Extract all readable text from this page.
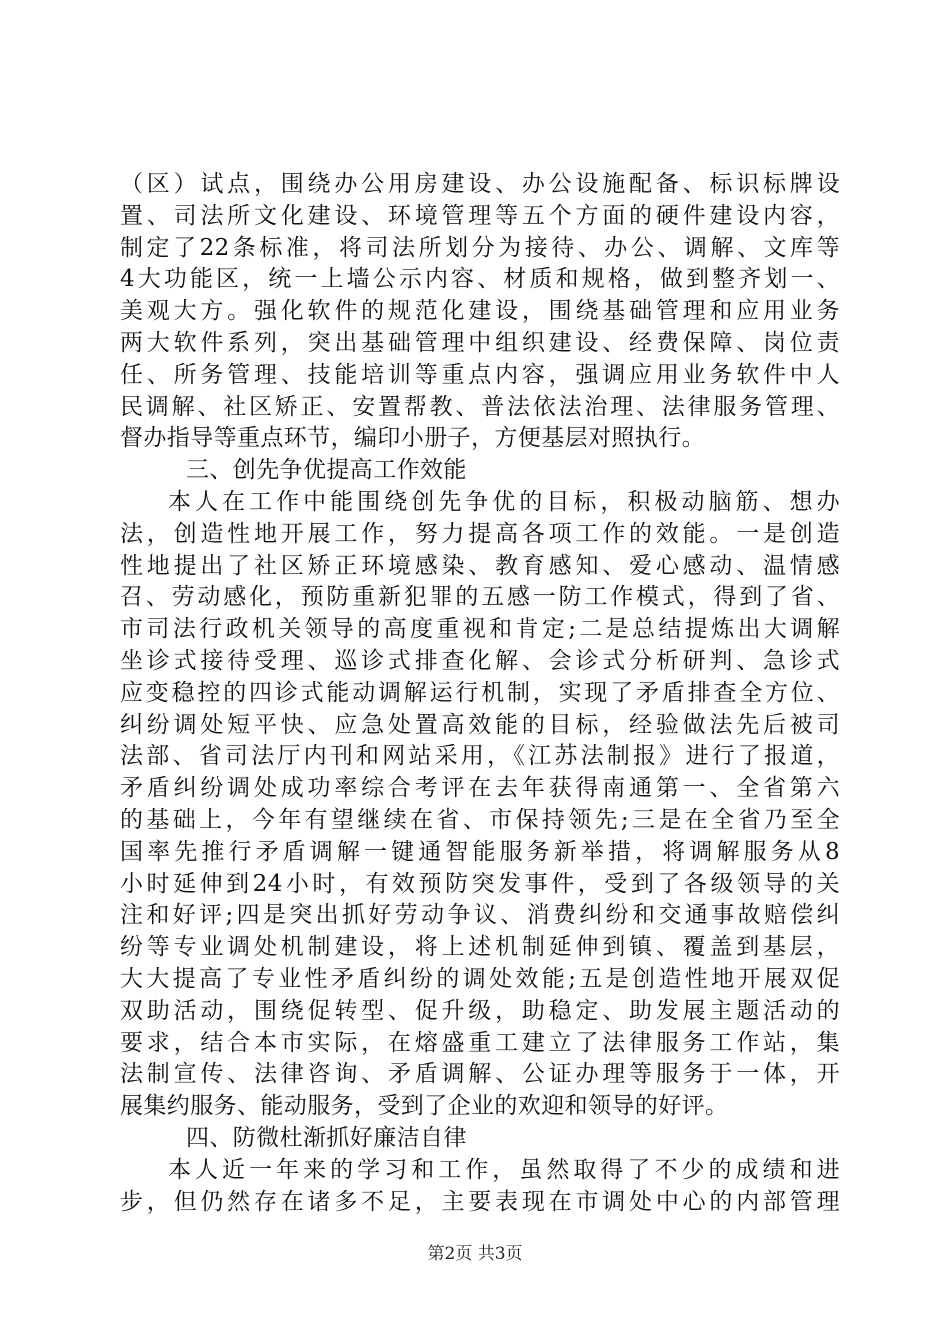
（区）试点，围绕办公用房建设、办公设施配备、标识标牌设
置、司法所文化建设、环境管理等五个方面的硬件建设内容，
制定了22条标准，将司法所划分为接待、办公、调解、文库等
4大功能区，统一上墙公示内容、材质和规格，做到整齐划一、
美观大方。强化软件的规范化建设，围绕基础管理和应用业务
两大软件系列，突出基础管理中组织建设、经费保障、岗位责
任、所务管理、技能培训等重点内容，强调应用业务软件中人
民调解、社区矫正、安置帮教、普法依法治理、法律服务管理、
督办指导等重点环节，编印小册子，方便基层对照执行。
三、创先争优提高工作效能
本人在工作中能围绕创先争优的目标，积极动脑筋、想办
法，创造性地开展工作，努力提高各项工作的效能。一是创造
性地提出了社区矫正环境感染、教育感知、爱心感动、温情感
召、劳动感化，预防重新犯罪的五感一防工作模式，得到了省、
市司法行政机关领导的高度重视和肯定;二是总结提炼出大调解
坐诊式接待受理、巡诊式排查化解、会诊式分析研判、急诊式
应变稳控的四诊式能动调解运行机制，实现了矛盾排查全方位、
纠纷调处短平快、应急处置高效能的目标，经验做法先后被司
法部、省司法厅内刊和网站采用，《江苏法制报》进行了报道，
矛盾纠纷调处成功率综合考评在去年获得南通第一、全省第六
的基础上，今年有望继续在省、市保持领先;三是在全省乃至全
国率先推行矛盾调解一键通智能服务新举措，将调解服务从8
小时延伸到24小时，有效预防突发事件，受到了各级领导的关
注和好评;四是突出抓好劳动争议、消费纠纷和交通事故赔偿纠
纷等专业调处机制建设，将上述机制延伸到镇、覆盖到基层，
大大提高了专业性矛盾纠纷的调处效能;五是创造性地开展双促
双助活动，围绕促转型、促升级，助稳定、助发展主题活动的
要求，结合本市实际，在熔盛重工建立了法律服务工作站，集
法制宣传、法律咨询、矛盾调解、公证办理等服务于一体，开
展集约服务、能动服务，受到了企业的欢迎和领导的好评。
四、防微杜渐抓好廉洁自律
本人近一年来的学习和工作，虽然取得了不少的成绩和进
步，但仍然存在诸多不足，主要表现在市调处中心的内部管理
第2页 共3页
